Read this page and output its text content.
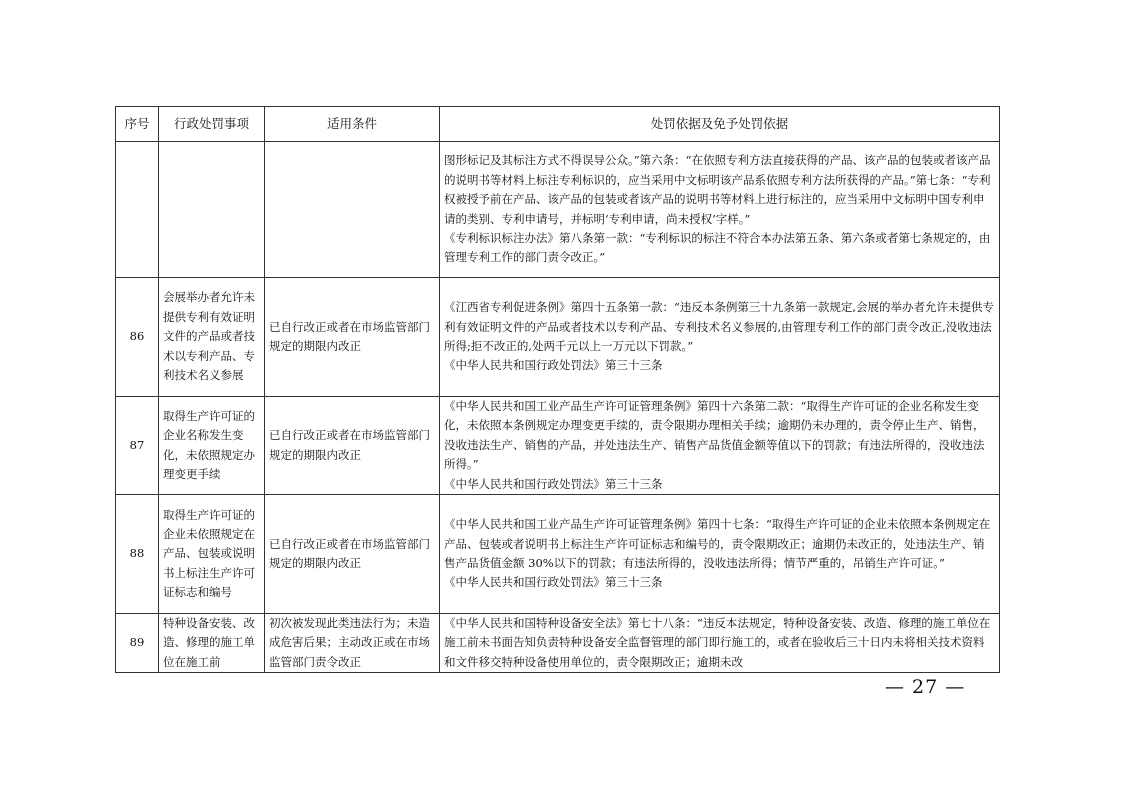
序号	行政处罚事项	适用条件	处罚依据及免予处罚依据

			图形标记及其标注方式不得误导公众。”第六条：“在依照专利方法直接获得的产品、该产品的包装或者该产品的说明书等材料上标注专利标识的，应当采用中文标明该产品系依照专利方法所获得的产品。”第七条：“专利权被授予前在产品、该产品的包装或者该产品的说明书等材料上进行标注的，应当采用中文标明中国专利申请的类别、专利申请号，并标明‘专利申请，尚未授权’字样。”
《专利标识标注办法》第八条第一款：“专利标识的标注不符合本办法第五条、第六条或者第七条规定的，由管理专利工作的部门责令改正。”

86	会展举办者允许未提供专利有效证明文件的产品或者技术以专利产品、专利技术名义参展	已自行改正或者在市场监管部门规定的期限内改正	《江西省专利促进条例》第四十五条第一款：“违反本条例第三十九条第一款规定,会展的举办者允许未提供专利有效证明文件的产品或者技术以专利产品、专利技术名义参展的,由管理专利工作的部门责令改正,没收违法所得;拒不改正的,处两千元以上一万元以下罚款。”
《中华人民共和国行政处罚法》第三十三条

87	取得生产许可证的企业名称发生变化，未依照规定办理变更手续	已自行改正或者在市场监管部门规定的期限内改正	《中华人民共和国工业产品生产许可证管理条例》第四十六条第二款：“取得生产许可证的企业名称发生变化，未依照本条例规定办理变更手续的，责令限期办理相关手续；逾期仍未办理的，责令停止生产、销售，没收违法生产、销售的产品，并处违法生产、销售产品货值金额等值以下的罚款；有违法所得的，没收违法所得。”
《中华人民共和国行政处罚法》第三十三条

88	取得生产许可证的企业未依照规定在产品、包装或说明书上标注生产许可证标志和编号	已自行改正或者在市场监管部门规定的期限内改正	《中华人民共和国工业产品生产许可证管理条例》第四十七条：“取得生产许可证的企业未依照本条例规定在产品、包装或者说明书上标注生产许可证标志和编号的，责令限期改正；逾期仍未改正的，处违法生产、销售产品货值金额 30%以下的罚款；有违法所得的，没收违法所得；情节严重的，吊销生产许可证。”
《中华人民共和国行政处罚法》第三十三条

89	特种设备安装、改造、修理的施工单位在施工前	初次被发现此类违法行为；未造成危害后果；主动改正或在市场监管部门责令改正	《中华人民共和国特种设备安全法》第七十八条：“违反本法规定，特种设备安装、改造、修理的施工单位在施工前未书面告知负责特种设备安全监督管理的部门即行施工的，或者在验收后三十日内未将相关技术资料和文件移交特种设备使用单位的，责令限期改正；逾期未改
— 27 —
